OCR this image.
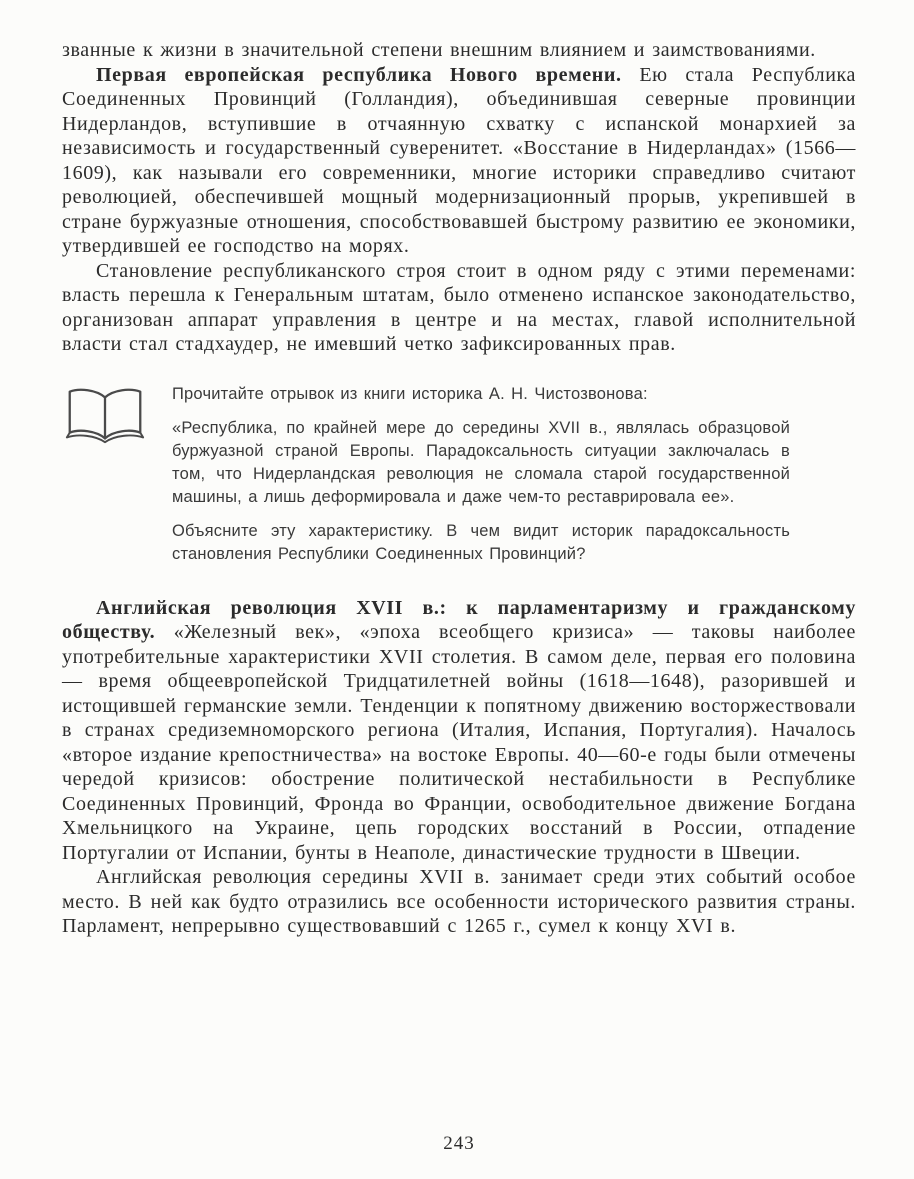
званные к жизни в значительной степени внешним влиянием и заимствованиями.

Первая европейская республика Нового времени. Ею стала Республика Соединенных Провинций (Голландия), объединившая северные провинции Нидерландов, вступившие в отчаянную схватку с испанской монархией за независимость и государственный суверенитет. «Восстание в Нидерландах» (1566—1609), как называли его современники, многие историки справедливо считают революцией, обеспечившей мощный модернизационный прорыв, укрепившей в стране буржуазные отношения, способствовавшей быстрому развитию ее экономики, утвердившей ее господство на морях.

Становление республиканского строя стоит в одном ряду с этими переменами: власть перешла к Генеральным штатам, было отменено испанское законодательство, организован аппарат управления в центре и на местах, главой исполнительной власти стал стадхаудер, не имевший четко зафиксированных прав.

Прочитайте отрывок из книги историка А. Н. Чистозвонова:

«Республика, по крайней мере до середины XVII в., являлась образцовой буржуазной страной Европы. Парадоксальность ситуации заключалась в том, что Нидерландская революция не сломала старой государственной машины, а лишь деформировала и даже чем-то реставрировала ее».

Объясните эту характеристику. В чем видит историк парадоксальность становления Республики Соединенных Провинций?

Английская революция XVII в.: к парламентаризму и гражданскому обществу. «Железный век», «эпоха всеобщего кризиса» — таковы наиболее употребительные характеристики XVII столетия. В самом деле, первая его половина — время общеевропейской Тридцатилетней войны (1618—1648), разорившей и истощившей германские земли. Тенденции к попятному движению восторжествовали в странах средиземноморского региона (Италия, Испания, Португалия). Началось «второе издание крепостничества» на востоке Европы. 40—60-е годы были отмечены чередой кризисов: обострение политической нестабильности в Республике Соединенных Провинций, Фронда во Франции, освободительное движение Богдана Хмельницкого на Украине, цепь городских восстаний в России, отпадение Португалии от Испании, бунты в Неаполе, династические трудности в Швеции.

Английская революция середины XVII в. занимает среди этих событий особое место. В ней как будто отразились все особенности исторического развития страны. Парламент, непрерывно существовавший с 1265 г., сумел к концу XVI в.

243
